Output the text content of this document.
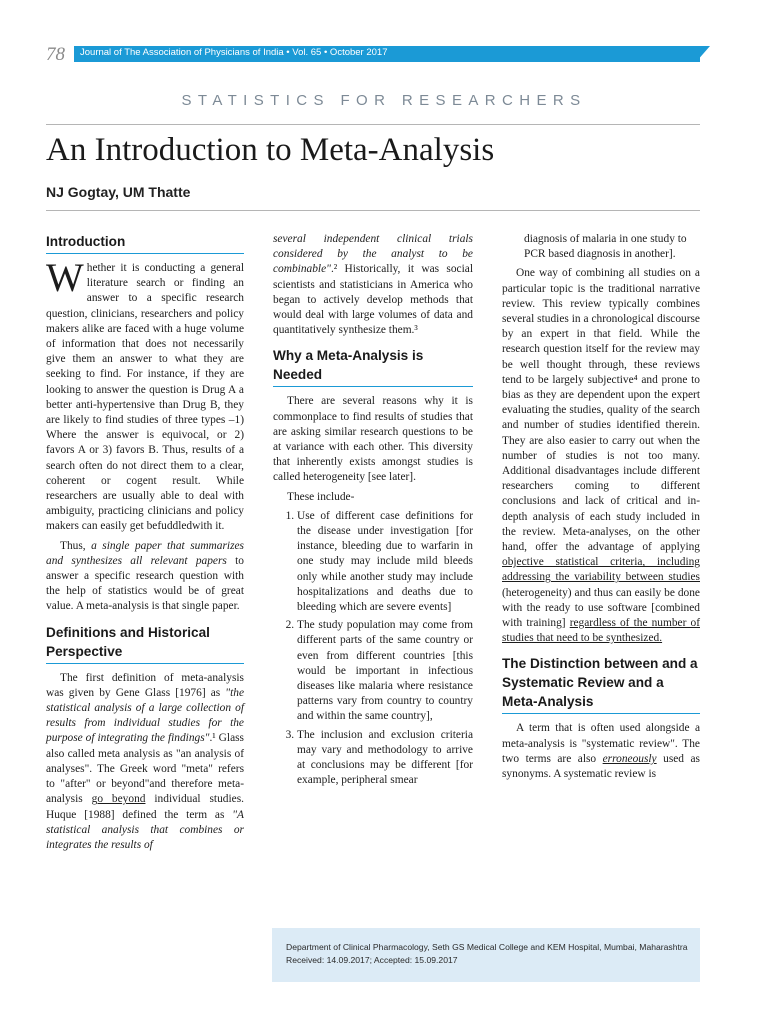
78 Journal of The Association of Physicians of India • Vol. 65 • October 2017
STATISTICS FOR RESEARCHERS
An Introduction to Meta-Analysis
NJ Gogtay, UM Thatte
Introduction

Whether it is conducting a general literature search or finding an answer to a specific research question, clinicians, researchers and policy makers alike are faced with a huge volume of information that does not necessarily give them an answer to what they are seeking to find. For instance, if they are looking to answer the question is Drug A a better anti-hypertensive than Drug B, they are likely to find studies of three types –1) Where the answer is equivocal, or 2) favors A or 3) favors B. Thus, results of a search often do not direct them to a clear, coherent or cogent result. While researchers are usually able to deal with ambiguity, practicing clinicians and policy makers can easily get befuddledwith it.

Thus, a single paper that summarizes and synthesizes all relevant papers to answer a specific research question with the help of statistics would be of great value. A meta-analysis is that single paper.

Definitions and Historical Perspective

The first definition of meta-analysis was given by Gene Glass [1976] as "the statistical analysis of a large collection of results from individual studies for the purpose of integrating the findings".¹ Glass also called meta analysis as "an analysis of analyses". The Greek word "meta" refers to "after" or beyond"and therefore meta-analysis go beyond individual studies. Huque [1988] defined the term as "A statistical analysis that combines or integrates the results of

several independent clinical trials considered by the analyst to be combinable".² Historically, it was social scientists and statisticians in America who began to actively develop methods that would deal with large volumes of data and quantitatively synthesize them.³

Why a Meta-Analysis is Needed

There are several reasons why it is commonplace to find results of studies that are asking similar research questions to be at variance with each other. This diversity that inherently exists amongst studies is called heterogeneity [see later].

These include-

1. Use of different case definitions for the disease under investigation [for instance, bleeding due to warfarin in one study may include mild bleeds only while another study may include hospitalizations and deaths due to bleeding which are severe events]
2. The study population may come from different parts of the same country or even from different countries [this would be important in infectious diseases like malaria where resistance patterns vary from country to country and within the same country],
3. The inclusion and exclusion criteria may vary and methodology to arrive at conclusions may be different [for example, peripheral smear

diagnosis of malaria in one study to PCR based diagnosis in another].

One way of combining all studies on a particular topic is the traditional narrative review. This review typically combines several studies in a chronological discourse by an expert in that field. While the research question itself for the review may be well thought through, these reviews tend to be largely subjective⁴ and prone to bias as they are dependent upon the expert evaluating the studies, quality of the search and number of studies identified therein. They are also easier to carry out when the number of studies is not too many. Additional disadvantages include different researchers coming to different conclusions and lack of critical and in-depth analysis of each study included in the review. Meta-analyses, on the other hand, offer the advantage of applying objective statistical criteria, including addressing the variability between studies (heterogeneity) and thus can easily be done with the ready to use software [combined with training] regardless of the number of studies that need to be synthesized.

The Distinction between and a Systematic Review and a Meta-Analysis

A term that is often used alongside a meta-analysis is "systematic review". The two terms are also erroneously used as synonyms. A systematic review is

Department of Clinical Pharmacology, Seth GS Medical College and KEM Hospital, Mumbai, Maharashtra
Received: 14.09.2017; Accepted: 15.09.2017
